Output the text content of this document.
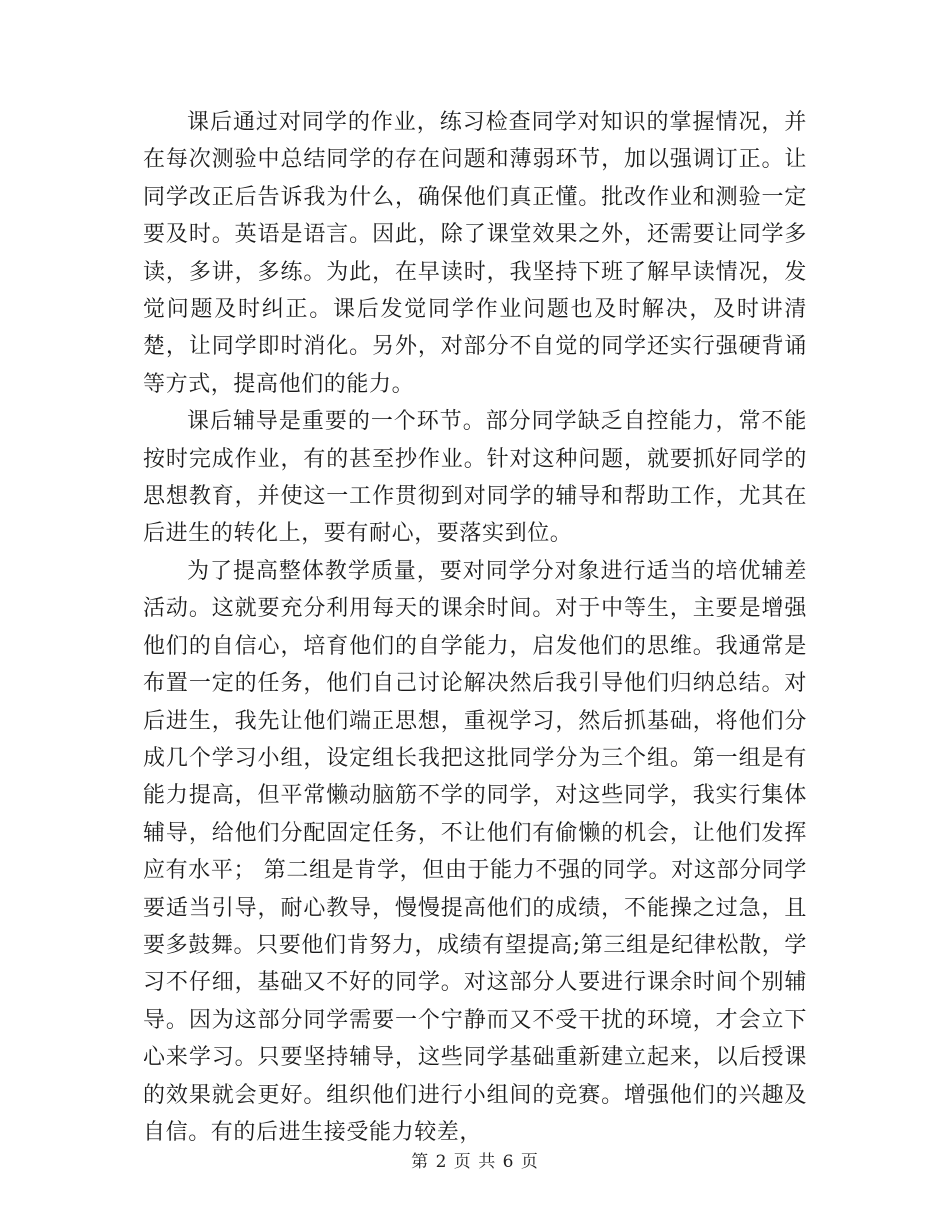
课后通过对同学的作业，练习检查同学对知识的掌握情况，并在每次测验中总结同学的存在问题和薄弱环节，加以强调订正。让同学改正后告诉我为什么，确保他们真正懂。批改作业和测验一定要及时。英语是语言。因此，除了课堂效果之外，还需要让同学多读，多讲，多练。为此，在早读时，我坚持下班了解早读情况，发觉问题及时纠正。课后发觉同学作业问题也及时解决，及时讲清楚，让同学即时消化。另外，对部分不自觉的同学还实行强硬背诵等方式，提高他们的能力。

课后辅导是重要的一个环节。部分同学缺乏自控能力，常不能按时完成作业，有的甚至抄作业。针对这种问题，就要抓好同学的思想教育，并使这一工作贯彻到对同学的辅导和帮助工作，尤其在后进生的转化上，要有耐心，要落实到位。

为了提高整体教学质量，要对同学分对象进行适当的培优辅差活动。这就要充分利用每天的课余时间。对于中等生，主要是增强他们的自信心，培育他们的自学能力，启发他们的思维。我通常是布置一定的任务，他们自己讨论解决然后我引导他们归纳总结。对后进生，我先让他们端正思想，重视学习，然后抓基础，将他们分成几个学习小组，设定组长我把这批同学分为三个组。第一组是有能力提高，但平常懒动脑筋不学的同学，对这些同学，我实行集体辅导，给他们分配固定任务，不让他们有偷懒的机会，让他们发挥应有水平； 第二组是肯学，但由于能力不强的同学。对这部分同学要适当引导，耐心教导，慢慢提高他们的成绩，不能操之过急，且要多鼓舞。只要他们肯努力，成绩有望提高;第三组是纪律松散，学习不仔细，基础又不好的同学。对这部分人要进行课余时间个别辅导。因为这部分同学需要一个宁静而又不受干扰的环境，才会立下心来学习。只要坚持辅导，这些同学基础重新建立起来，以后授课的效果就会更好。组织他们进行小组间的竞赛。增强他们的兴趣及自信。有的后进生接受能力较差，

第 2 页 共 6 页
